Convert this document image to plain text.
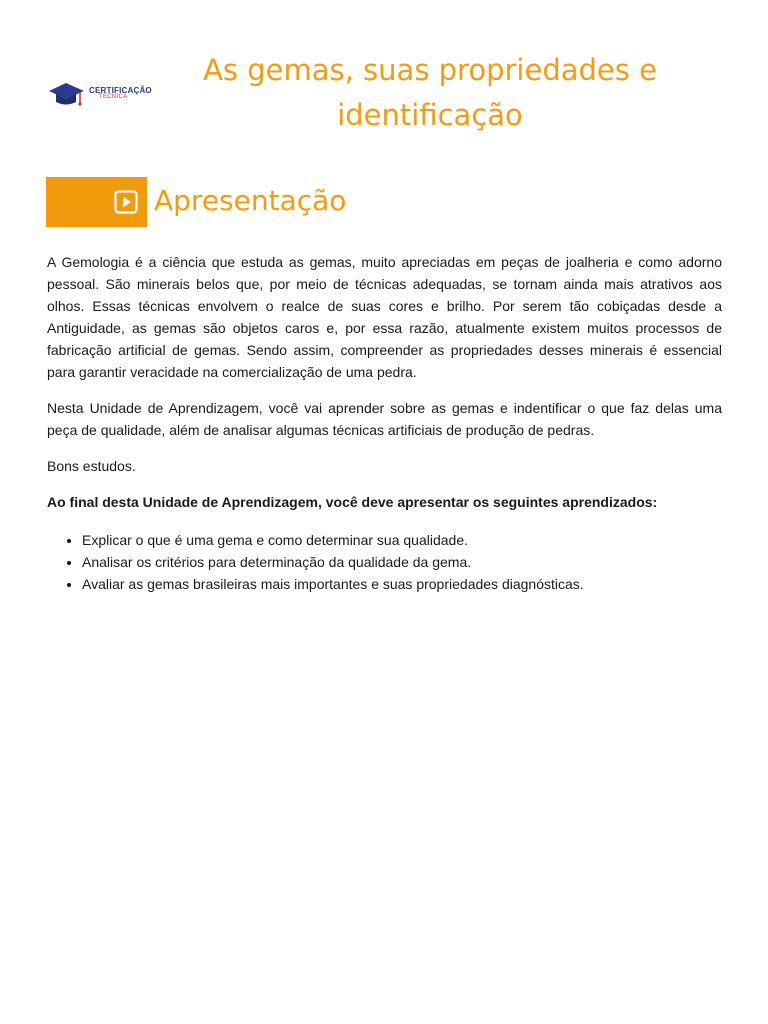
CERTIFICAÇÃO
TÉCNICA
As gemas, suas propriedades e identificação
Apresentação

A Gemologia é a ciência que estuda as gemas, muito apreciadas em peças de joalheria e como adorno pessoal. São minerais belos que, por meio de técnicas adequadas, se tornam ainda mais atrativos aos olhos. Essas técnicas envolvem o realce de suas cores e brilho. Por serem tão cobiçadas desde a Antiguidade, as gemas são objetos caros e, por essa razão, atualmente existem muitos processos de fabricação artificial de gemas. Sendo assim, compreender as propriedades desses minerais é essencial para garantir veracidade na comercialização de uma pedra.

Nesta Unidade de Aprendizagem, você vai aprender sobre as gemas e indentificar o que faz delas uma peça de qualidade, além de analisar algumas técnicas artificiais de produção de pedras.

Bons estudos.

Ao final desta Unidade de Aprendizagem, você deve apresentar os seguintes aprendizados:

• Explicar o que é uma gema e como determinar sua qualidade.
• Analisar os critérios para determinação da qualidade da gema.
• Avaliar as gemas brasileiras mais importantes e suas propriedades diagnósticas.
